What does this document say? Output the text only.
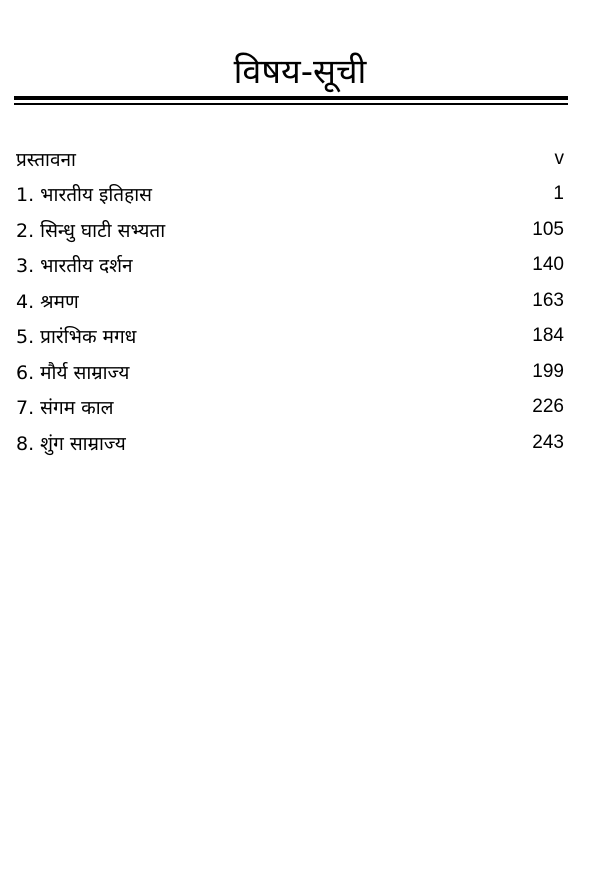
विषय-सूची
प्रस्तावना	v
1. भारतीय इतिहास	1
2. सिन्धु घाटी सभ्यता	105
3. भारतीय दर्शन	140
4. श्रमण	163
5. प्रारंभिक मगध	184
6. मौर्य साम्राज्य	199
7. संगम काल	226
8. शुंग साम्राज्य	243
